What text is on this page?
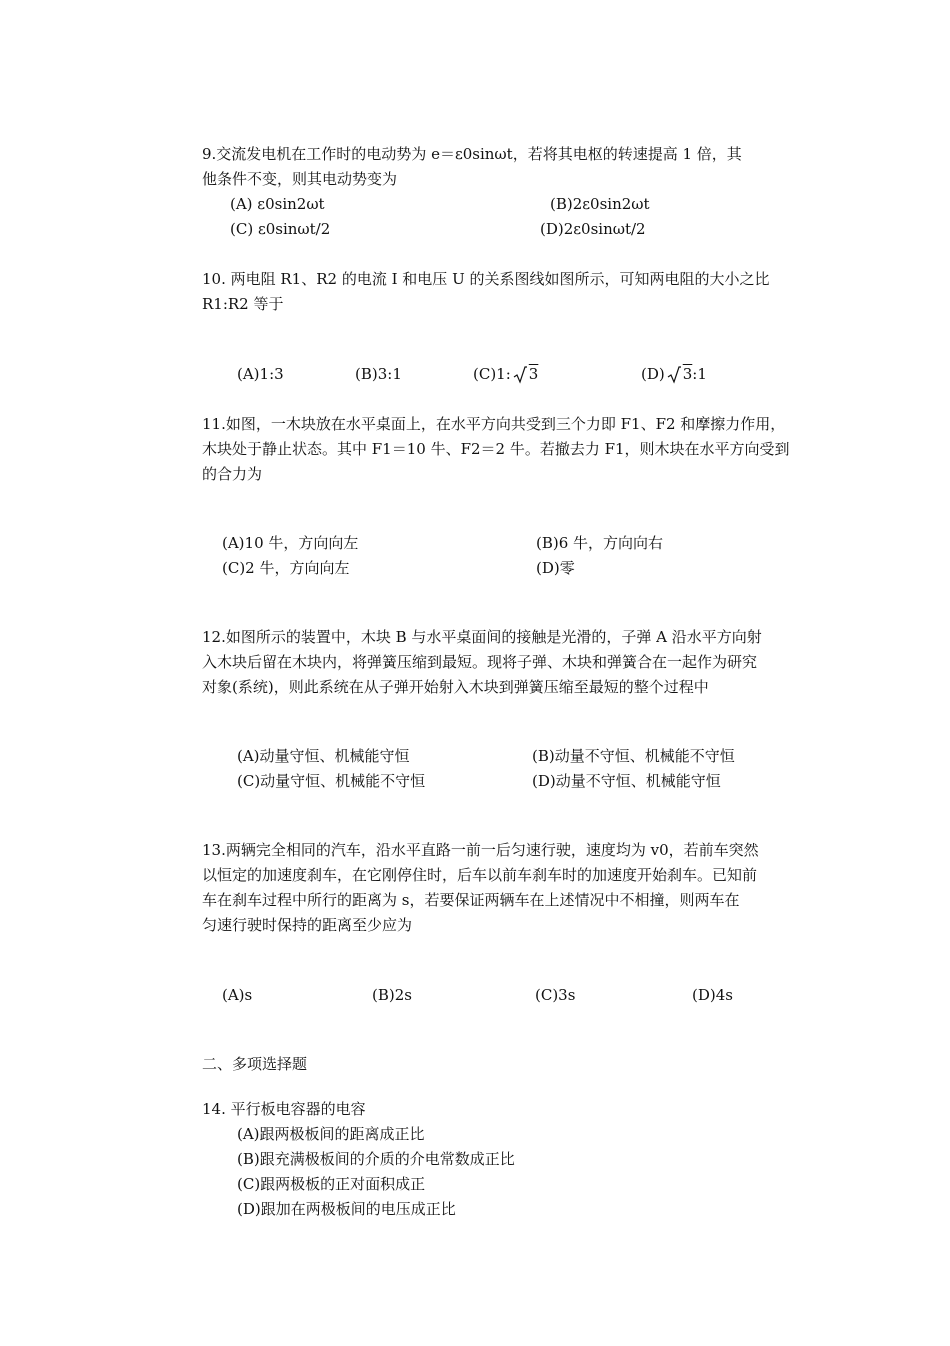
9.交流发电机在工作时的电动势为 e＝ε0sinωt，若将其电枢的转速提高 1 倍，其
他条件不变，则其电动势变为
(A) ε0sin2ωt	(B)2ε0sin2ωt
(C) ε0sinωt/2	(D)2ε0sinωt/2
10. 两电阻 R1、R2 的电流 I 和电压 U 的关系图线如图所示，可知两电阻的大小之比
R1:R2 等于
(A)1:3	(B)3:1	(C)1: 3	(D) 3:1
11.如图，一木块放在水平桌面上，在水平方向共受到三个力即 F1、F2 和摩擦力作用，
木块处于静止状态。其中 F1＝10 牛、F2＝2 牛。若撤去力 F1，则木块在水平方向受到
的合力为
(A)10 牛，方向向左	(B)6 牛，方向向右
(C)2 牛，方向向左	(D)零
12.如图所示的装置中，木块 B 与水平桌面间的接触是光滑的，子弹 A 沿水平方向射
入木块后留在木块内，将弹簧压缩到最短。现将子弹、木块和弹簧合在一起作为研究
对象(系统)，则此系统在从子弹开始射入木块到弹簧压缩至最短的整个过程中
(A)动量守恒、机械能守恒	(B)动量不守恒、机械能不守恒
(C)动量守恒、机械能不守恒	(D)动量不守恒、机械能守恒
13.两辆完全相同的汽车，沿水平直路一前一后匀速行驶，速度均为 v0，若前车突然
以恒定的加速度刹车，在它刚停住时，后车以前车刹车时的加速度开始刹车。已知前
车在刹车过程中所行的距离为 s，若要保证两辆车在上述情况中不相撞，则两车在
匀速行驶时保持的距离至少应为
(A)s	(B)2s	(C)3s	(D)4s
二、多项选择题
14. 平行板电容器的电容
(A)跟两极板间的距离成正比
(B)跟充满极板间的介质的介电常数成正比
(C)跟两极板的正对面积成正
(D)跟加在两极板间的电压成正比
